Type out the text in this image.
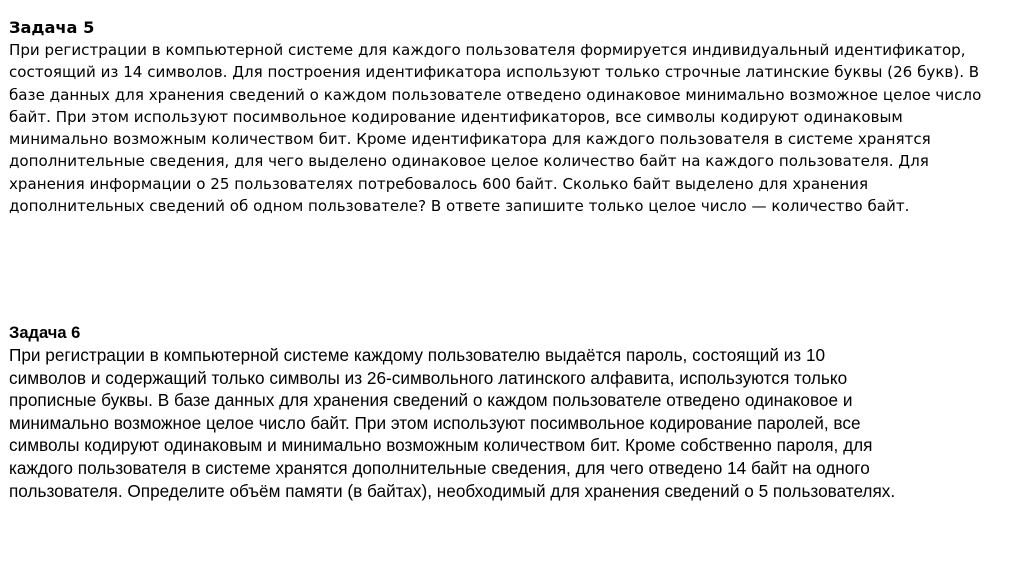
Задача 5
При регистрации в компьютерной системе для каждого пользователя формируется индивидуальный идентификатор,
состоящий из 14 символов. Для построения идентификатора используют только строчные латинские буквы (26 букв). В
базе данных для хранения сведений о каждом пользователе отведено одинаковое минимально возможное целое число
байт. При этом используют посимвольное кодирование идентификаторов, все символы кодируют одинаковым
минимально возможным количеством бит. Кроме идентификатора для каждого пользователя в системе хранятся
дополнительные сведения, для чего выделено одинаковое целое количество байт на каждого пользователя. Для
хранения информации о 25 пользователях потребовалось 600 байт. Сколько байт выделено для хранения
дополнительных сведений об одном пользователе? В ответе запишите только целое число — количество байт.
Задача 6
При регистрации в компьютерной системе каждому пользователю выдаётся пароль, состоящий из 10
символов и содержащий только символы из 26-символьного латинского алфавита, используются только
прописные буквы. В базе данных для хранения сведений о каждом пользователе отведено одинаковое и
минимально возможное целое число байт. При этом используют посимвольное кодирование паролей, все
символы кодируют одинаковым и минимально возможным количеством бит. Кроме собственно пароля, для
каждого пользователя в системе хранятся дополнительные сведения, для чего отведено 14 байт на одного
пользователя. Определите объём памяти (в байтах), необходимый для хранения сведений о 5 пользователях.
